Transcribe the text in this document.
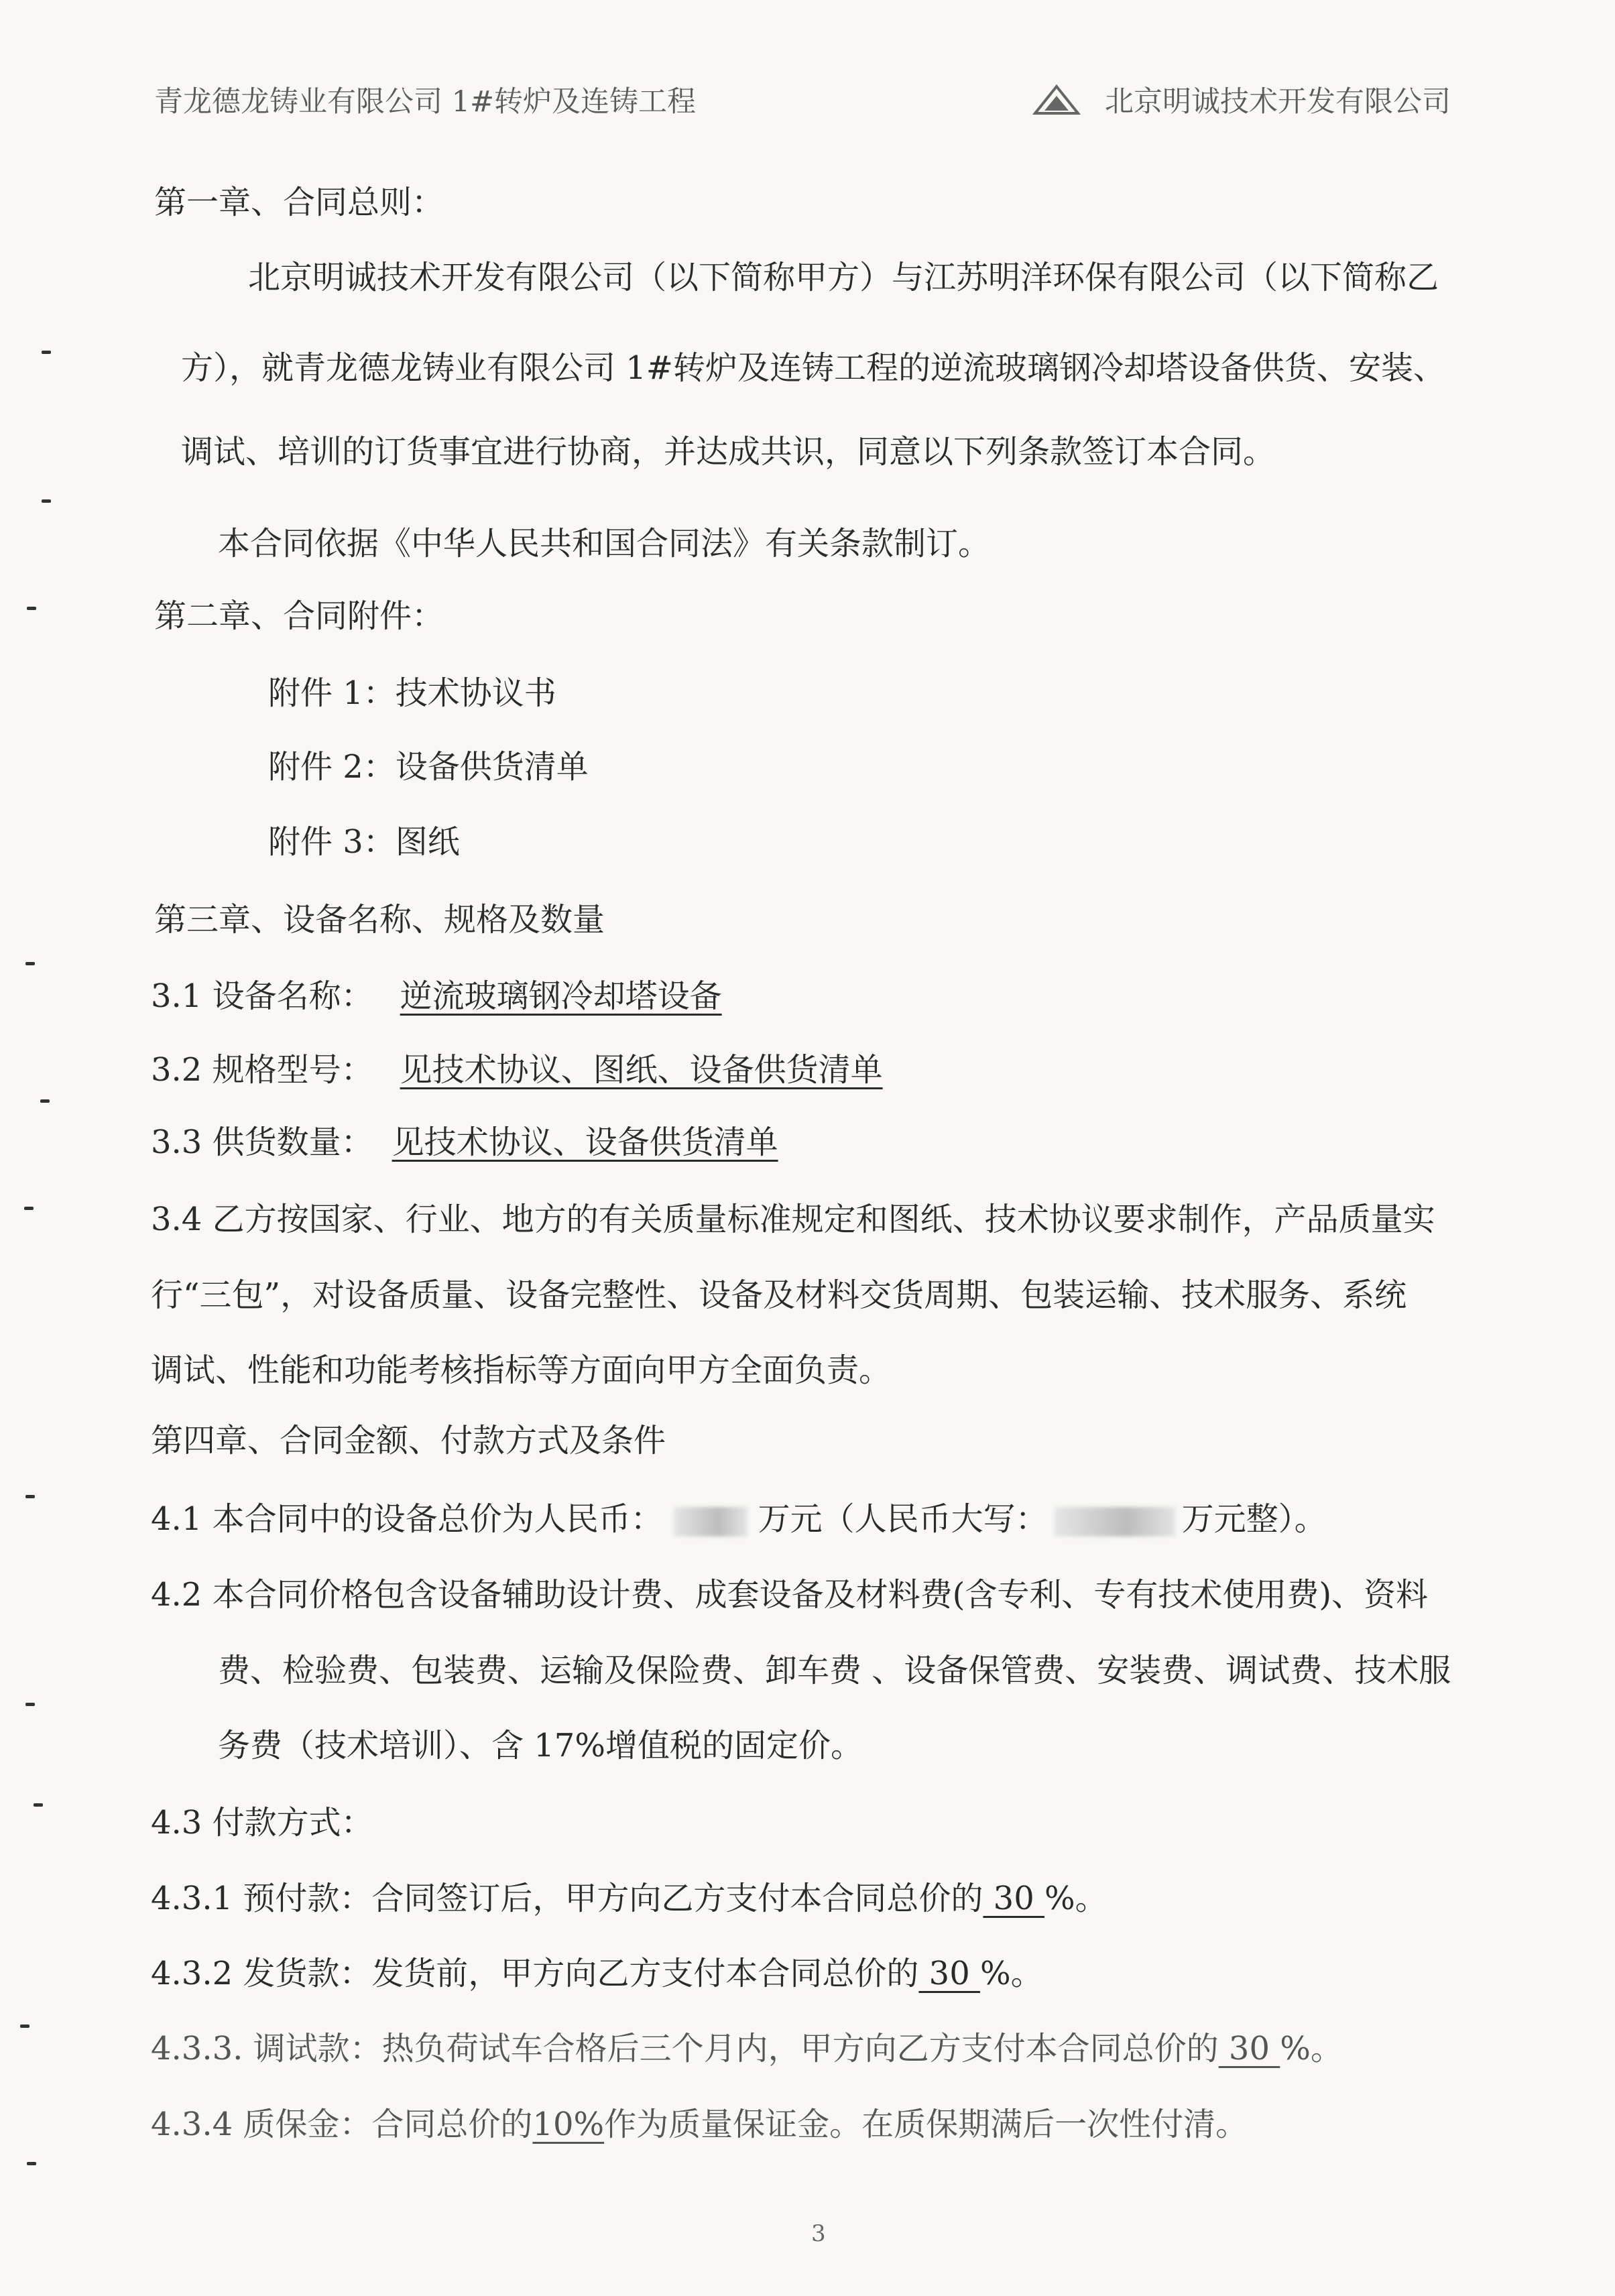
青龙德龙铸业有限公司 1#转炉及连铸工程	北京明诚技术开发有限公司
第一章、合同总则：
北京明诚技术开发有限公司（以下简称甲方）与江苏明洋环保有限公司（以下简称乙
方），就青龙德龙铸业有限公司 1#转炉及连铸工程的逆流玻璃钢冷却塔设备供货、安装、
调试、培训的订货事宜进行协商，并达成共识，同意以下列条款签订本合同。
本合同依据《中华人民共和国合同法》有关条款制订。
第二章、合同附件：
附件 1：技术协议书
附件 2：设备供货清单
附件 3：图纸
第三章、设备名称、规格及数量
3.1 设备名称： 逆流玻璃钢冷却塔设备
3.2 规格型号： 见技术协议、图纸、设备供货清单
3.3 供货数量： 见技术协议、设备供货清单
3.4 乙方按国家、行业、地方的有关质量标准规定和图纸、技术协议要求制作，产品质量实
行“三包”，对设备质量、设备完整性、设备及材料交货周期、包装运输、技术服务、系统
调试、性能和功能考核指标等方面向甲方全面负责。
第四章、合同金额、付款方式及条件
4.1 本合同中的设备总价为人民币：	万元（人民币大写：	万元整）。
4.2 本合同价格包含设备辅助设计费、成套设备及材料费(含专利、专有技术使用费)、资料
费、检验费、包装费、运输及保险费、卸车费 、设备保管费、安装费、调试费、技术服
务费（技术培训）、含 17%增值税的固定价。
4.3 付款方式：
4.3.1 预付款：合同签订后，甲方向乙方支付本合同总价的 30 %。
4.3.2 发货款：发货前，甲方向乙方支付本合同总价的 30 %。
4.3.3. 调试款：热负荷试车合格后三个月内，甲方向乙方支付本合同总价的 30 %。
4.3.4 质保金：合同总价的10%作为质量保证金。在质保期满后一次性付清。
3
